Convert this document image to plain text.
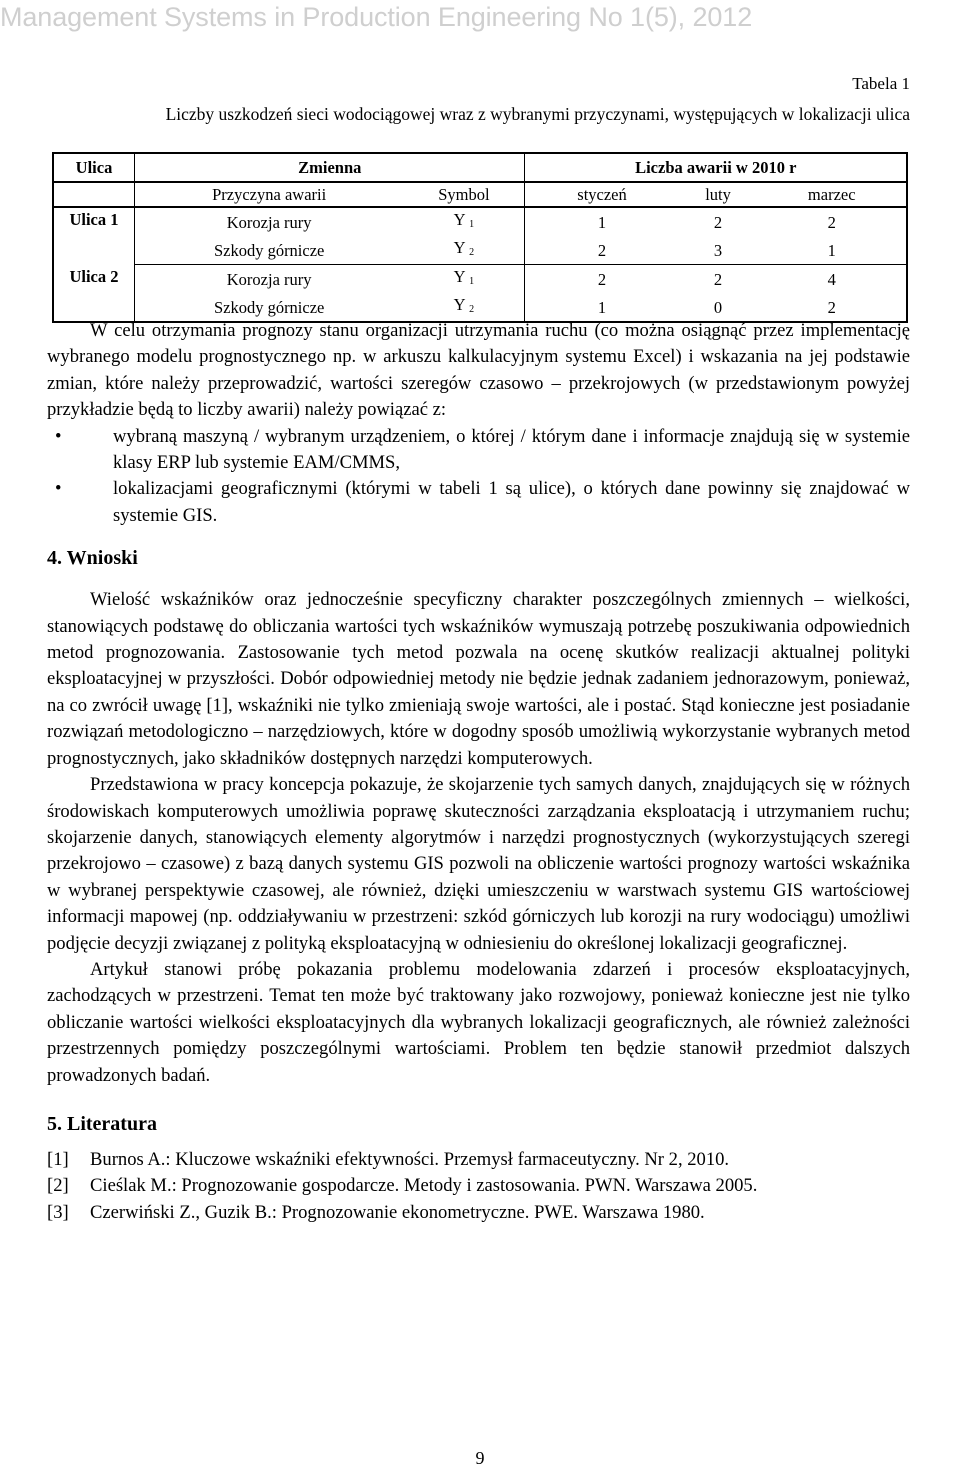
Management Systems in Production Engineering No 1(5), 2012
Tabela 1
Liczby uszkodzeń sieci wodociągowej wraz z wybranymi przyczynami, występujących w lokalizacji ulica
Ulica	Zmienna		Liczba awarii w 2010 r		
	Przyczyna awarii	Symbol	styczeń	luty	marzec
Ulica 1	Korozja rury	Y $_1$	1	2	2
	Szkody górnicze	Y $_2$	2	3	1
Ulica 2	Korozja rury	Y $_1$	2	2	4
	Szkody górnicze	Y $_2$	1	0	2

W celu otrzymania prognozy stanu organizacji utrzymania ruchu (co można osiągnąć przez implementację wybranego modelu prognostycznego np. w arkuszu kalkulacyjnym systemu Excel) i wskazania na jej podstawie zmian, które należy przeprowadzić, wartości szeregów czasowo – przekrojowych (w przedstawionym powyżej przykładzie będą to liczby awarii) należy powiązać z:

•	wybraną maszyną / wybranym urządzeniem, o której / którym dane i informacje znajdują się w systemie klasy ERP lub systemie EAM/CMMS,
•	lokalizacjami geograficznymi (którymi w tabeli 1 są ulice), o których dane powinny się znajdować w systemie GIS.
4. Wnioski

Wielość wskaźników oraz jednocześnie specyficzny charakter poszczególnych zmiennych – wielkości, stanowiących podstawę do obliczania wartości tych wskaźników wymuszają potrzebę poszukiwania odpowiednich metod prognozowania. Zastosowanie tych metod pozwala na ocenę skutków realizacji aktualnej polityki eksploatacyjnej w przyszłości. Dobór odpowiedniej metody nie będzie jednak zadaniem jednorazowym, ponieważ, na co zwrócił uwagę [1], wskaźniki nie tylko zmieniają swoje wartości, ale i postać. Stąd konieczne jest posiadanie rozwiązań metodologiczno – narzędziowych, które w dogodny sposób umożliwią wykorzystanie wybranych metod prognostycznych, jako składników dostępnych narzędzi komputerowych.

Przedstawiona w pracy koncepcja pokazuje, że skojarzenie tych samych danych, znajdujących się w różnych środowiskach komputerowych umożliwia poprawę skuteczności zarządzania eksploatacją i utrzymaniem ruchu; skojarzenie danych, stanowiących elementy algorytmów i narzędzi prognostycznych (wykorzystujących szeregi przekrojowo – czasowe) z bazą danych systemu GIS pozwoli na obliczenie wartości prognozy wartości wskaźnika w wybranej perspektywie czasowej, ale również, dzięki umieszczeniu w warstwach systemu GIS wartościowej informacji mapowej (np. oddziaływaniu w przestrzeni: szkód górniczych lub korozji na rury wodociągu) umożliwi podjęcie decyzji związanej z polityką eksploatacyjną w odniesieniu do określonej lokalizacji geograficznej.

Artykuł stanowi próbę pokazania problemu modelowania zdarzeń i procesów eksploatacyjnych, zachodzących w przestrzeni. Temat ten może być traktowany jako rozwojowy, ponieważ konieczne jest nie tylko obliczanie wartości wielkości eksploatacyjnych dla wybranych lokalizacji geograficznych, ale również zależności przestrzennych pomiędzy poszczególnymi wartościami. Problem ten będzie stanowił przedmiot dalszych prowadzonych badań.

5. Literatura
[1] Burnos A.: Kluczowe wskaźniki efektywności. Przemysł farmaceutyczny. Nr 2, 2010.
[2] Cieślak M.: Prognozowanie gospodarcze. Metody i zastosowania. PWN. Warszawa 2005.
[3] Czerwiński Z., Guzik B.: Prognozowanie ekonometryczne. PWE. Warszawa 1980.
9
